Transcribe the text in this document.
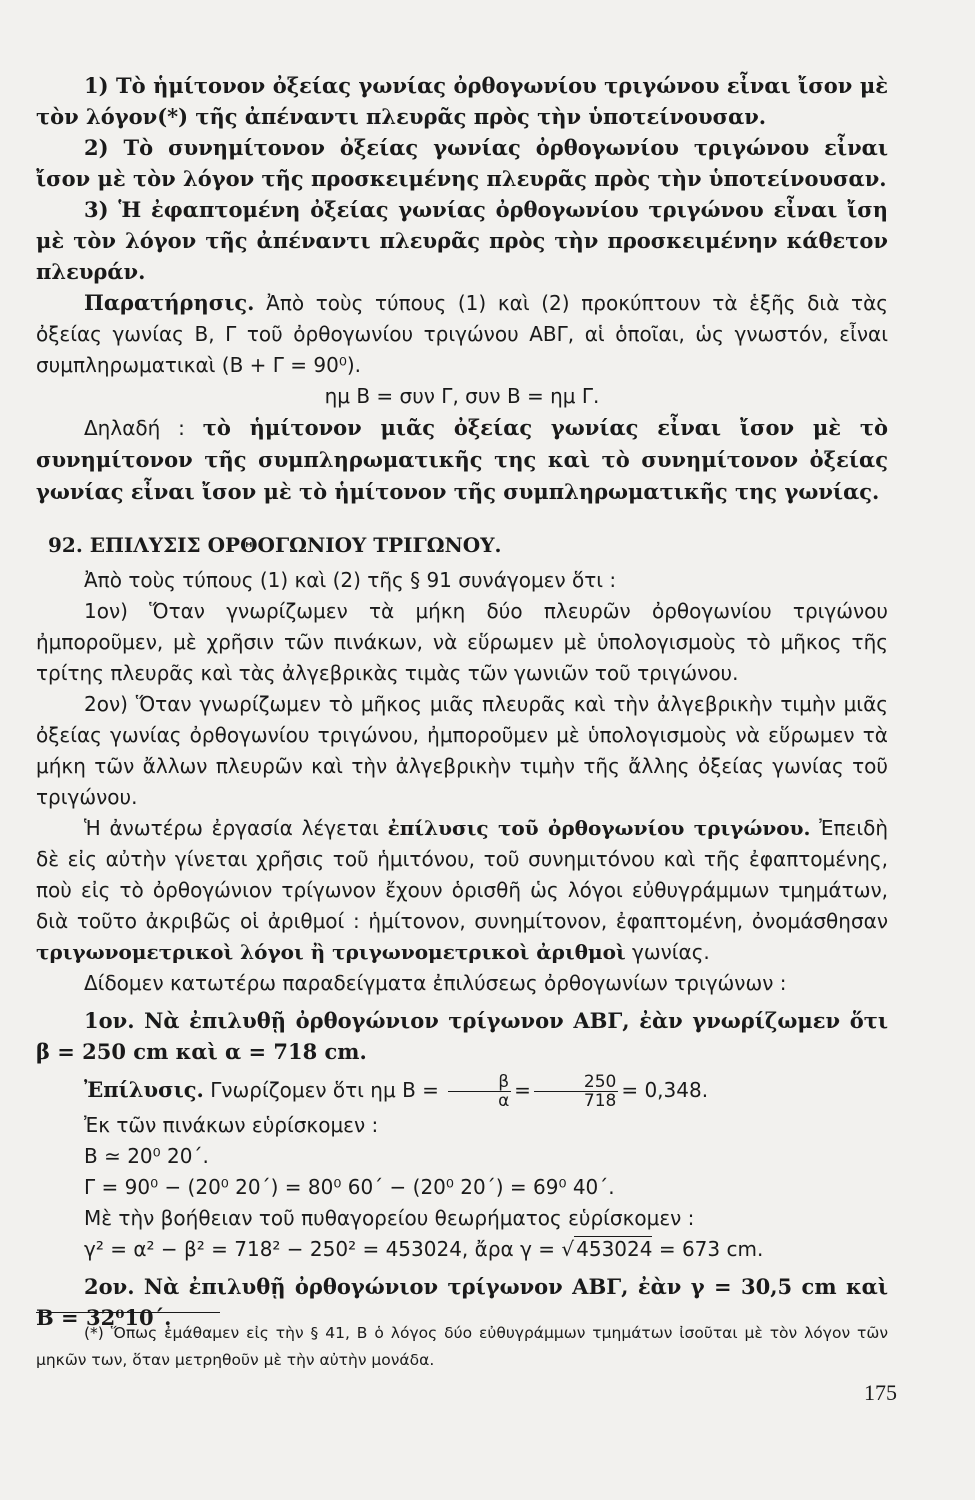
1) Τὸ ἡμίτονον ὀξείας γωνίας ὀρθογωνίου τριγώνου εἶναι ἴσον μὲ τὸν λόγον(*) τῆς ἀπέναντι πλευρᾶς πρὸς τὴν ὑποτείνουσαν.

2) Τὸ συνημίτονον ὀξείας γωνίας ὀρθογωνίου τριγώνου εἶναι ἴσον μὲ τὸν λόγον τῆς προσκειμένης πλευρᾶς πρὸς τὴν ὑποτείνουσαν.

3) Ἡ ἐφαπτομένη ὀξείας γωνίας ὀρθογωνίου τριγώνου εἶναι ἴση μὲ τὸν λόγον τῆς ἀπέναντι πλευρᾶς πρὸς τὴν προσκειμένην κάθετον πλευράν.

Παρατήρησις. Ἀπὸ τοὺς τύπους (1) καὶ (2) προκύπτουν τὰ ἑξῆς διὰ τὰς ὀξείας γωνίας Β, Γ τοῦ ὀρθογωνίου τριγώνου ΑΒΓ, αἱ ὁποῖαι, ὡς γνωστόν, εἶναι συμπληρωματικαὶ (Β + Γ = 90⁰).

ημ Β = συν Γ, συν Β = ημ Γ.

Δηλαδή : τὸ ἡμίτονον μιᾶς ὀξείας γωνίας εἶναι ἴσον μὲ τὸ συνημίτονον τῆς συμπληρωματικῆς της καὶ τὸ συνημίτονον ὀξείας γωνίας εἶναι ἴσον μὲ τὸ ἡμίτονον τῆς συμπληρωματικῆς της γωνίας.

92. ΕΠΙΛΥΣΙΣ ΟΡΘΟΓΩΝΙΟΥ ΤΡΙΓΩΝΟΥ.

Ἀπὸ τοὺς τύπους (1) καὶ (2) τῆς § 91 συνάγομεν ὅτι :

1ον) Ὅταν γνωρίζωμεν τὰ μήκη δύο πλευρῶν ὀρθογωνίου τριγώνου ἠμποροῦμεν, μὲ χρῆσιν τῶν πινάκων, νὰ εὕρωμεν μὲ ὑπολογισμοὺς τὸ μῆκος τῆς τρίτης πλευρᾶς καὶ τὰς ἀλγεβρικὰς τιμὰς τῶν γωνιῶν τοῦ τριγώνου.

2ον) Ὅταν γνωρίζωμεν τὸ μῆκος μιᾶς πλευρᾶς καὶ τὴν ἀλγεβρικὴν τιμὴν μιᾶς ὀξείας γωνίας ὀρθογωνίου τριγώνου, ἠμποροῦμεν μὲ ὑπολογισμοὺς νὰ εὕρωμεν τὰ μήκη τῶν ἄλλων πλευρῶν καὶ τὴν ἀλγεβρικὴν τιμὴν τῆς ἄλλης ὀξείας γωνίας τοῦ τριγώνου.

Ἡ ἀνωτέρω ἐργασία λέγεται ἐπίλυσις τοῦ ὀρθογωνίου τριγώνου. Ἐπειδὴ δὲ εἰς αὐτὴν γίνεται χρῆσις τοῦ ἡμιτόνου, τοῦ συνημιτόνου καὶ τῆς ἐφαπτομένης, ποὺ εἰς τὸ ὀρθογώνιον τρίγωνον ἔχουν ὁρισθῆ ὡς λόγοι εὐθυγράμμων τμημάτων, διὰ τοῦτο ἀκριβῶς οἱ ἀριθμοί : ἡμίτονον, συνημίτονον, ἐφαπτομένη, ὀνομάσθησαν τριγωνομετρικοὶ λόγοι ἢ τριγωνομετρικοὶ ἀριθμοὶ γωνίας.

Δίδομεν κατωτέρω παραδείγματα ἐπιλύσεως ὀρθογωνίων τριγώνων :

1ον. Νὰ ἐπιλυθῇ ὀρθογώνιον τρίγωνον ΑΒΓ, ἐὰν γνωρίζωμεν ὅτι β = 250 cm καὶ α = 718 cm.

Ἐπίλυσις. Γνωρίζομεν ὅτι ημ $B = \frac{\beta}{\alpha} = \frac{250}{718} = 0,348$.

Ἐκ τῶν πινάκων εὑρίσκομεν :

Β ≃ 20⁰ 20΄.

Γ = 90⁰ − (20⁰ 20΄) = 80⁰ 60΄ − (20⁰ 20΄) = 69⁰ 40΄.

Μὲ τὴν βοήθειαν τοῦ πυθαγορείου θεωρήματος εὑρίσκομεν :

γ² = α² − β² = 718² − 250² = 453024, ἄρα γ = √ 453024 = 673 cm.

2ον. Νὰ ἐπιλυθῇ ὀρθογώνιον τρίγωνον ΑΒΓ, ἐὰν γ = 30,5 cm καὶ Β = 32⁰10΄.

(*) Ὅπως ἐμάθαμεν εἰς τὴν § 41, Β ὁ λόγος δύο εὐθυγράμμων τμημάτων ἰσοῦται μὲ τὸν λόγον τῶν μηκῶν των, ὅταν μετρηθοῦν μὲ τὴν αὐτὴν μονάδα.

175
